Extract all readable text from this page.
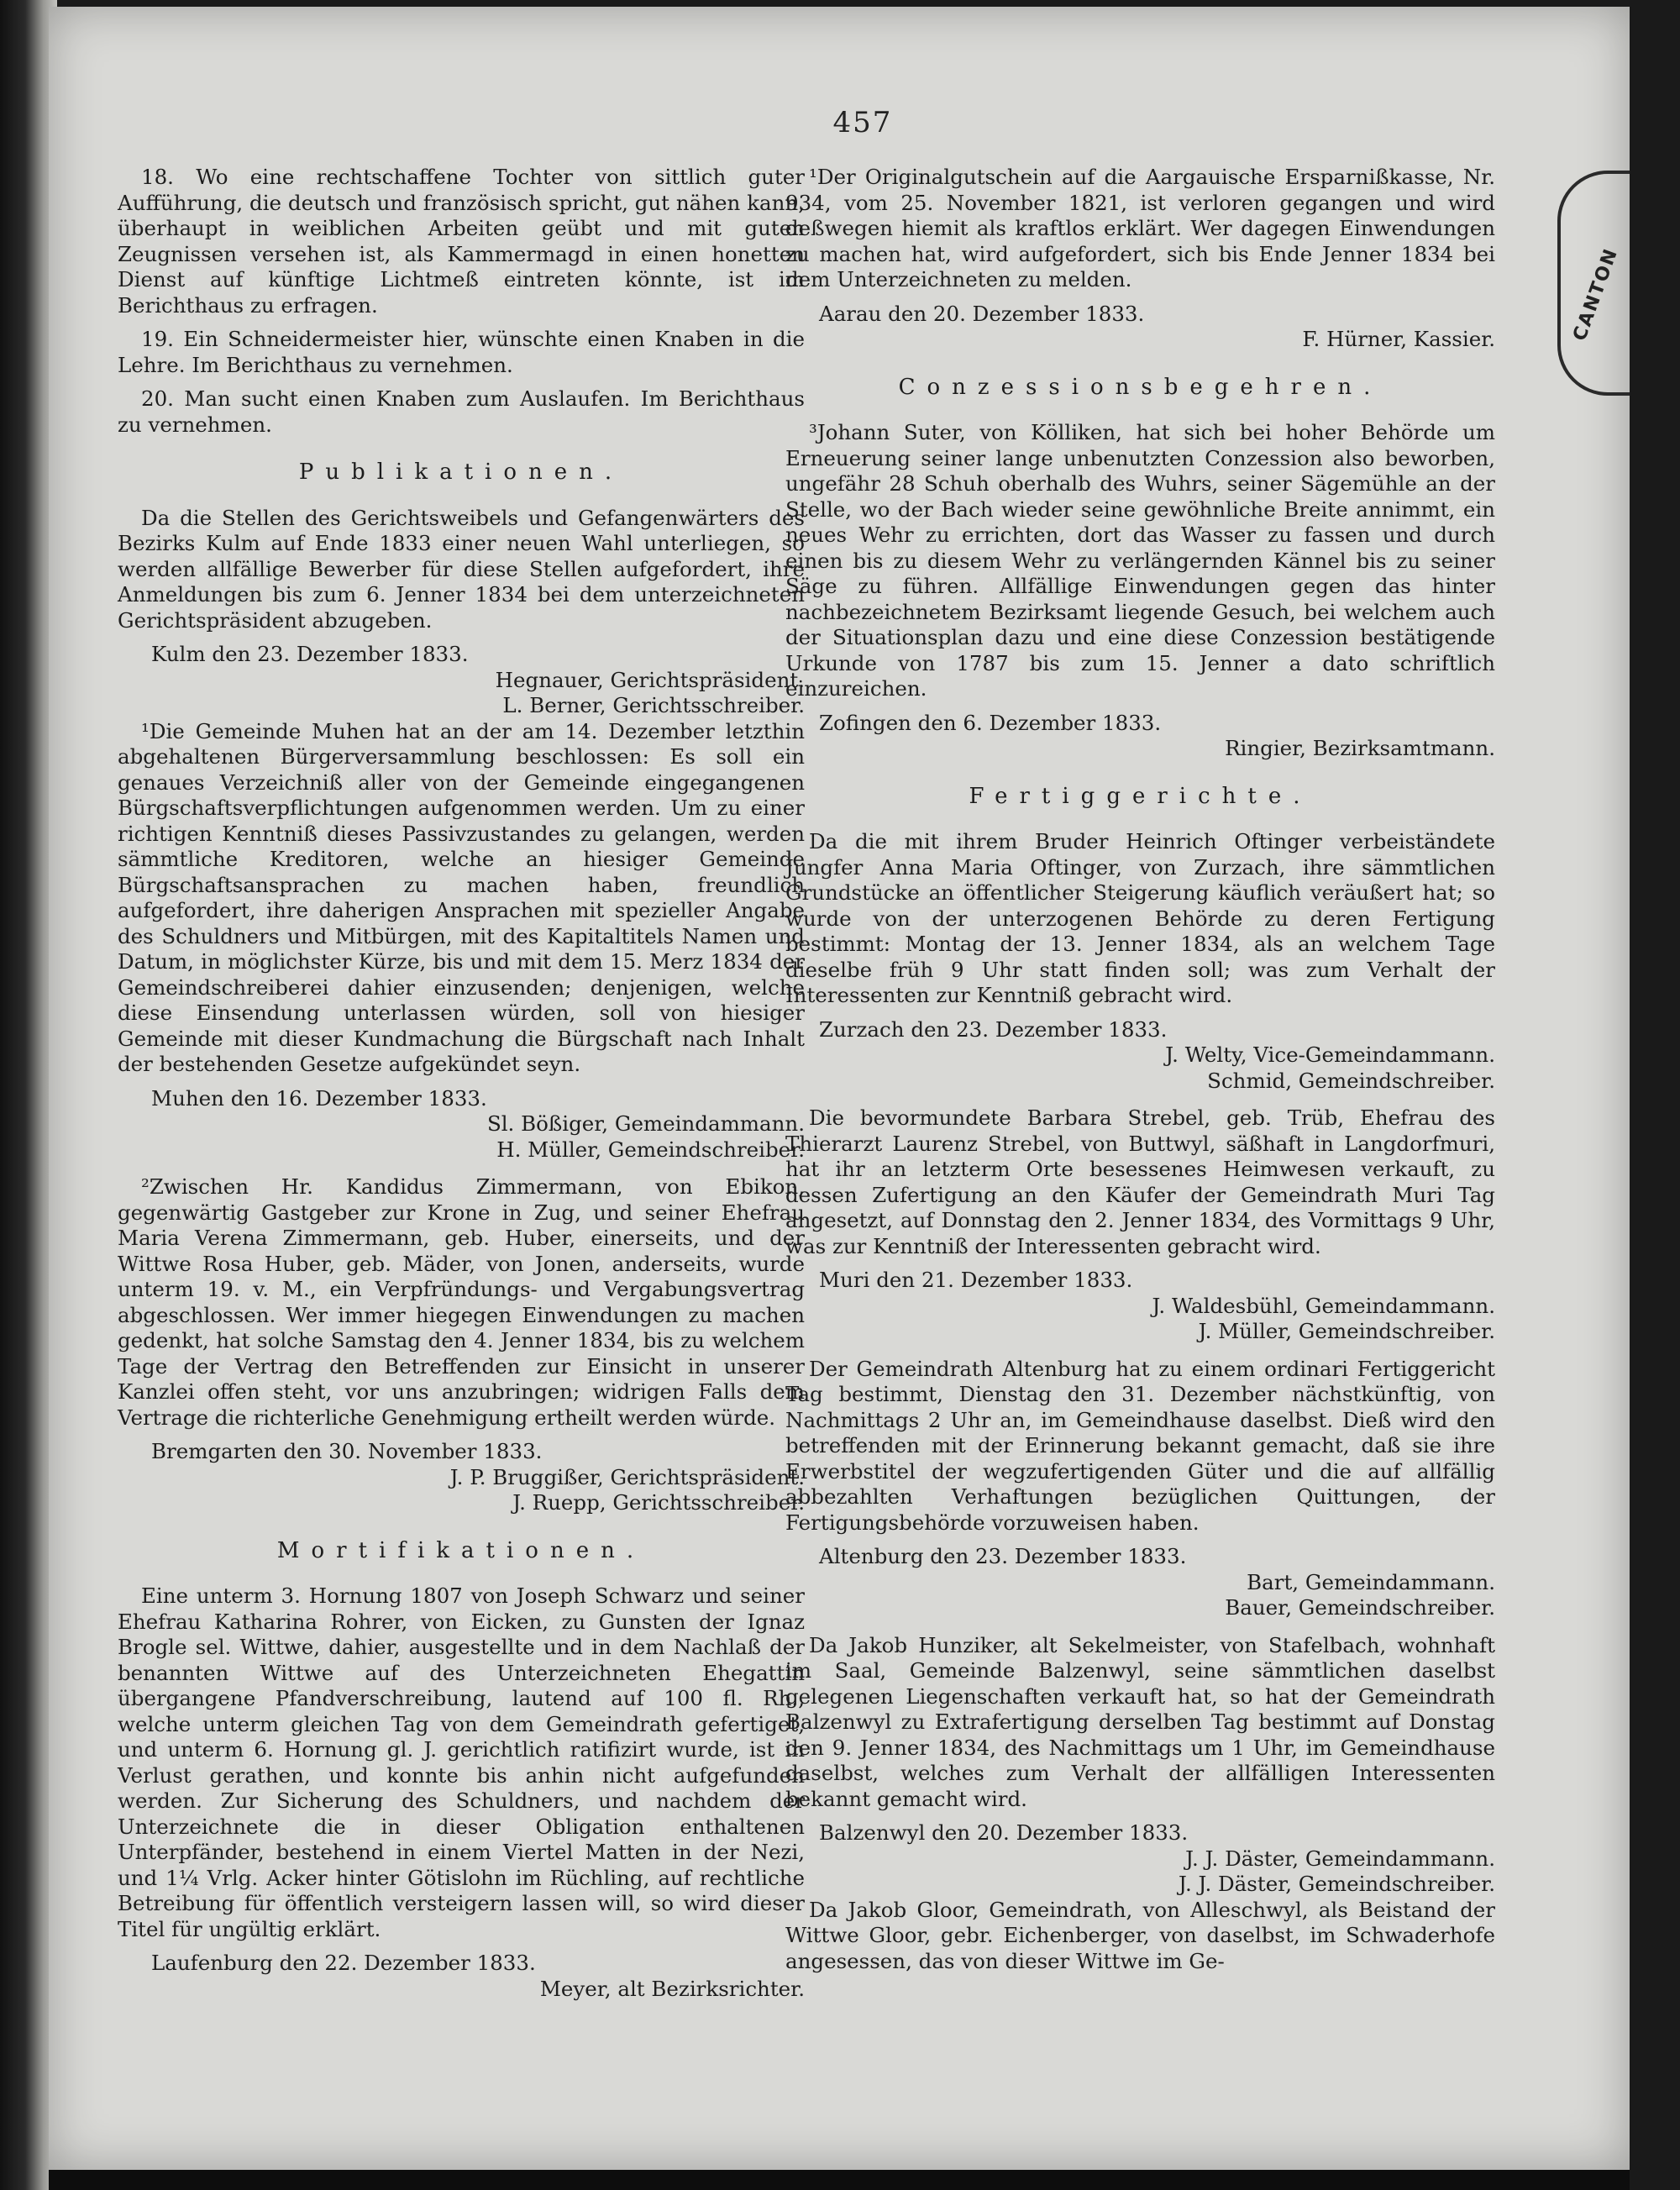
457
CANTON

18. Wo eine rechtschaffene Tochter von sittlich guter Aufführung, die deutsch und französisch spricht, gut nähen kann, überhaupt in weiblichen Arbeiten geübt und mit guten Zeugnissen versehen ist, als Kammermagd in einen honetten Dienst auf künftige Lichtmeß eintreten könnte, ist im Berichthaus zu erfragen.

19. Ein Schneidermeister hier, wünschte einen Knaben in die Lehre. Im Berichthaus zu vernehmen.

20. Man sucht einen Knaben zum Auslaufen. Im Berichthaus zu vernehmen.

Publikationen.

Da die Stellen des Gerichtsweibels und Gefangenwärters des Bezirks Kulm auf Ende 1833 einer neuen Wahl unterliegen, so werden allfällige Bewerber für diese Stellen aufgefordert, ihre Anmeldungen bis zum 6. Jenner 1834 bei dem unterzeichneten Gerichtspräsident abzugeben.

Kulm den 23. Dezember 1833.

Hegnauer, Gerichtspräsident.

L. Berner, Gerichtsschreiber.

¹Die Gemeinde Muhen hat an der am 14. Dezember letzthin abgehaltenen Bürgerversammlung beschlossen: Es soll ein genaues Verzeichniß aller von der Gemeinde eingegangenen Bürgschaftsverpflichtungen aufgenommen werden. Um zu einer richtigen Kenntniß dieses Passivzustandes zu gelangen, werden sämmtliche Kreditoren, welche an hiesiger Gemeinde Bürgschaftsansprachen zu machen haben, freundlich aufgefordert, ihre daherigen Ansprachen mit spezieller Angabe des Schuldners und Mitbürgen, mit des Kapitaltitels Namen und Datum, in möglichster Kürze, bis und mit dem 15. Merz 1834 der Gemeindschreiberei dahier einzusenden; denjenigen, welche diese Einsendung unterlassen würden, soll von hiesiger Gemeinde mit dieser Kundmachung die Bürgschaft nach Inhalt der bestehenden Gesetze aufgekündet seyn.

Muhen den 16. Dezember 1833.

Sl. Bößiger, Gemeindammann.

H. Müller, Gemeindschreiber.

²Zwischen Hr. Kandidus Zimmermann, von Ebikon, gegenwärtig Gastgeber zur Krone in Zug, und seiner Ehefrau Maria Verena Zimmermann, geb. Huber, einerseits, und der Wittwe Rosa Huber, geb. Mäder, von Jonen, anderseits, wurde unterm 19. v. M., ein Verpfründungs- und Vergabungsvertrag abgeschlossen. Wer immer hiegegen Einwendungen zu machen gedenkt, hat solche Samstag den 4. Jenner 1834, bis zu welchem Tage der Vertrag den Betreffenden zur Einsicht in unserer Kanzlei offen steht, vor uns anzubringen; widrigen Falls dem Vertrage die richterliche Genehmigung ertheilt werden würde.

Bremgarten den 30. November 1833.

J. P. Bruggißer, Gerichtspräsident.

J. Ruepp, Gerichtsschreiber.

Mortifikationen.

Eine unterm 3. Hornung 1807 von Joseph Schwarz und seiner Ehefrau Katharina Rohrer, von Eicken, zu Gunsten der Ignaz Brogle sel. Wittwe, dahier, ausgestellte und in dem Nachlaß der benannten Wittwe auf des Unterzeichneten Ehegattin übergangene Pfandverschreibung, lautend auf 100 fl. Rh., welche unterm gleichen Tag von dem Gemeindrath gefertiget, und unterm 6. Hornung gl. J. gerichtlich ratifizirt wurde, ist in Verlust gerathen, und konnte bis anhin nicht aufgefunden werden. Zur Sicherung des Schuldners, und nachdem der Unterzeichnete die in dieser Obligation enthaltenen Unterpfänder, bestehend in einem Viertel Matten in der Nezi, und 1¼ Vrlg. Acker hinter Götislohn im Rüchling, auf rechtliche Betreibung für öffentlich versteigern lassen will, so wird dieser Titel für ungültig erklärt.

Laufenburg den 22. Dezember 1833.

Meyer, alt Bezirksrichter.

¹Der Originalgutschein auf die Aargauische Ersparnißkasse, Nr. 934, vom 25. November 1821, ist verloren gegangen und wird deßwegen hiemit als kraftlos erklärt. Wer dagegen Einwendungen zu machen hat, wird aufgefordert, sich bis Ende Jenner 1834 bei dem Unterzeichneten zu melden.

Aarau den 20. Dezember 1833.

F. Hürner, Kassier.

Conzessionsbegehren.

³Johann Suter, von Kölliken, hat sich bei hoher Behörde um Erneuerung seiner lange unbenutzten Conzession also beworben, ungefähr 28 Schuh oberhalb des Wuhrs, seiner Sägemühle an der Stelle, wo der Bach wieder seine gewöhnliche Breite annimmt, ein neues Wehr zu errichten, dort das Wasser zu fassen und durch einen bis zu diesem Wehr zu verlängernden Kännel bis zu seiner Säge zu führen. Allfällige Einwendungen gegen das hinter nachbezeichnetem Bezirksamt liegende Gesuch, bei welchem auch der Situationsplan dazu und eine diese Conzession bestätigende Urkunde von 1787 bis zum 15. Jenner a dato schriftlich einzureichen.

Zofingen den 6. Dezember 1833.

Ringier, Bezirksamtmann.

Fertiggerichte.

Da die mit ihrem Bruder Heinrich Oftinger verbeiständete Jungfer Anna Maria Oftinger, von Zurzach, ihre sämmtlichen Grundstücke an öffentlicher Steigerung käuflich veräußert hat; so wurde von der unterzogenen Behörde zu deren Fertigung bestimmt: Montag der 13. Jenner 1834, als an welchem Tage dieselbe früh 9 Uhr statt finden soll; was zum Verhalt der Interessenten zur Kenntniß gebracht wird.

Zurzach den 23. Dezember 1833.

J. Welty, Vice-Gemeindammann.

Schmid, Gemeindschreiber.

Die bevormundete Barbara Strebel, geb. Trüb, Ehefrau des Thierarzt Laurenz Strebel, von Buttwyl, säßhaft in Langdorfmuri, hat ihr an letzterm Orte besessenes Heimwesen verkauft, zu dessen Zufertigung an den Käufer der Gemeindrath Muri Tag angesetzt, auf Donnstag den 2. Jenner 1834, des Vormittags 9 Uhr, was zur Kenntniß der Interessenten gebracht wird.

Muri den 21. Dezember 1833.

J. Waldesbühl, Gemeindammann.

J. Müller, Gemeindschreiber.

Der Gemeindrath Altenburg hat zu einem ordinari Fertiggericht Tag bestimmt, Dienstag den 31. Dezember nächstkünftig, von Nachmittags 2 Uhr an, im Gemeindhause daselbst. Dieß wird den betreffenden mit der Erinnerung bekannt gemacht, daß sie ihre Erwerbstitel der wegzufertigenden Güter und die auf allfällig abbezahlten Verhaftungen bezüglichen Quittungen, der Fertigungsbehörde vorzuweisen haben.

Altenburg den 23. Dezember 1833.

Bart, Gemeindammann.

Bauer, Gemeindschreiber.

Da Jakob Hunziker, alt Sekelmeister, von Stafelbach, wohnhaft im Saal, Gemeinde Balzenwyl, seine sämmtlichen daselbst gelegenen Liegenschaften verkauft hat, so hat der Gemeindrath Balzenwyl zu Extrafertigung derselben Tag bestimmt auf Donstag den 9. Jenner 1834, des Nachmittags um 1 Uhr, im Gemeindhause daselbst, welches zum Verhalt der allfälligen Interessenten bekannt gemacht wird.

Balzenwyl den 20. Dezember 1833.

J. J. Däster, Gemeindammann.

J. J. Däster, Gemeindschreiber.

Da Jakob Gloor, Gemeindrath, von Alleschwyl, als Beistand der Wittwe Gloor, gebr. Eichenberger, von daselbst, im Schwaderhofe angesessen, das von dieser Wittwe im Ge-
